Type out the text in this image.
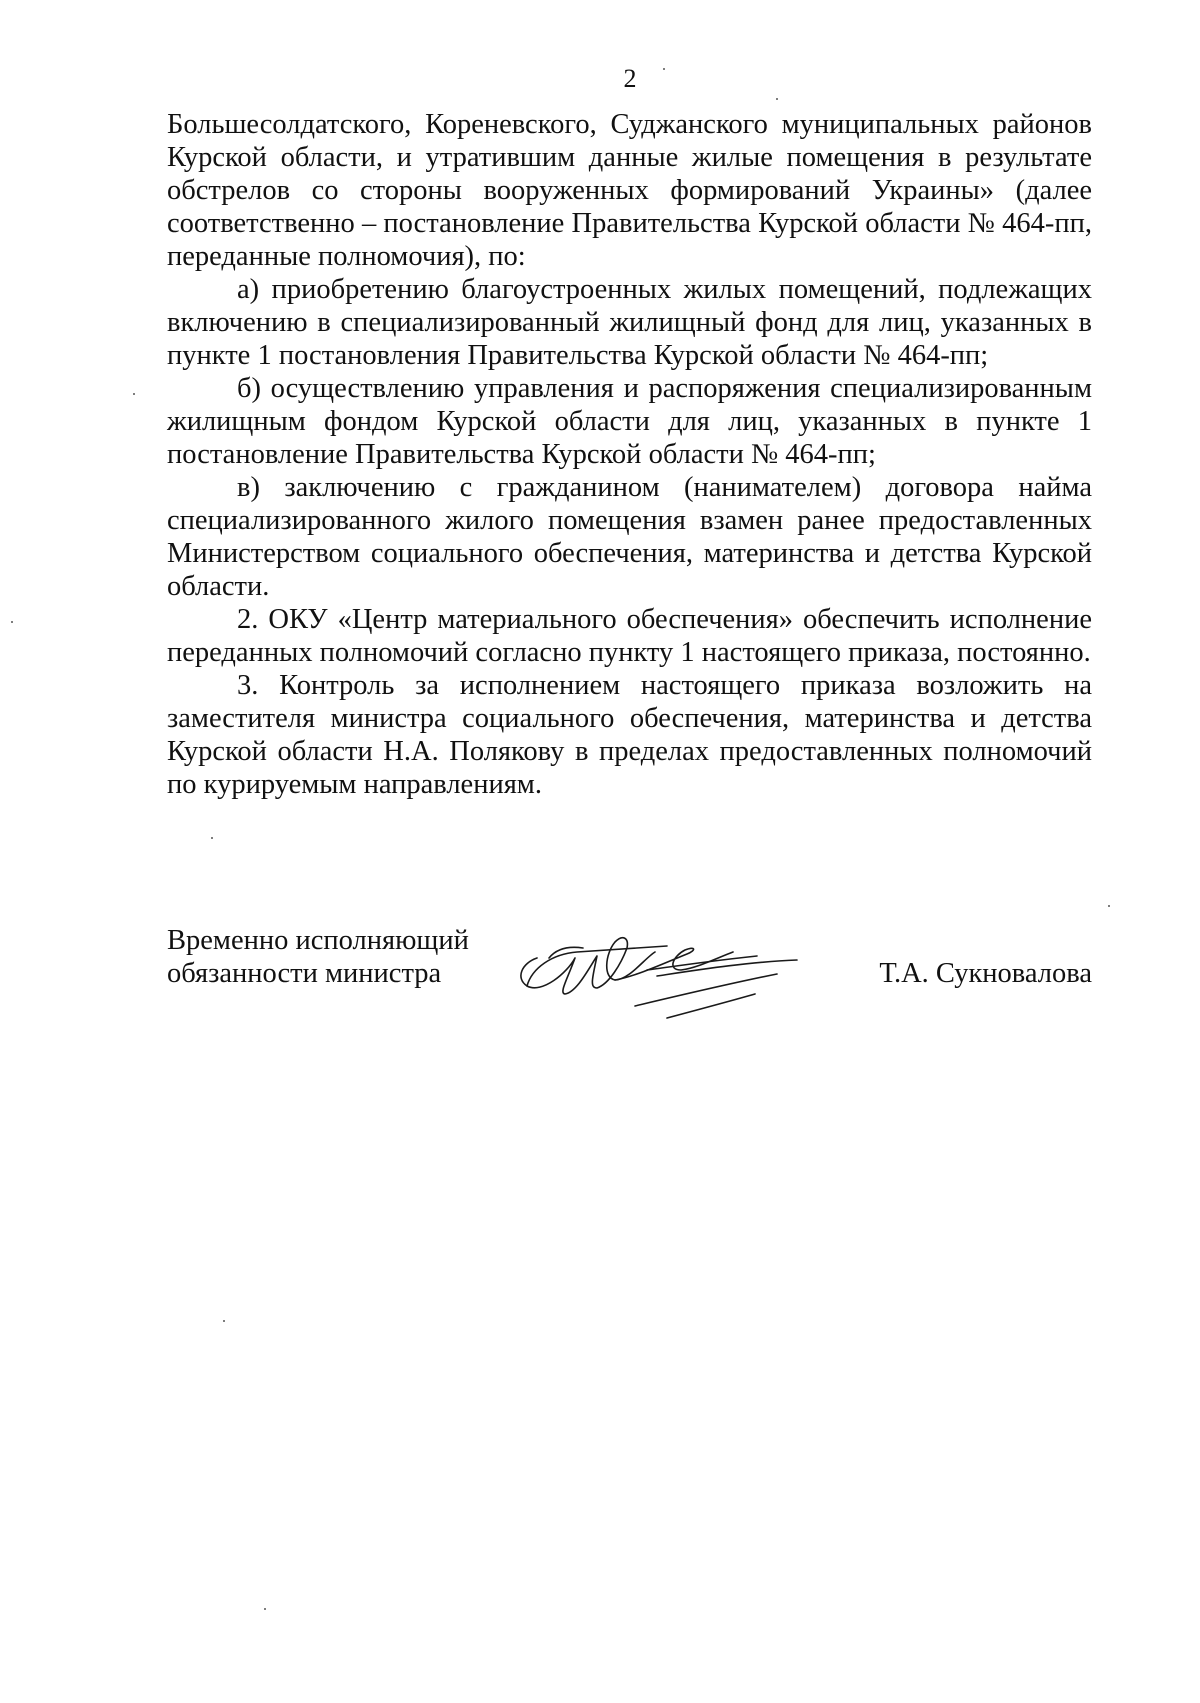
2

Большесолдатского, Кореневского, Суджанского муниципальных районов Курской области, и утратившим данные жилые помещения в результате обстрелов со стороны вооруженных формирований Украины» (далее соответственно – постановление Правительства Курской области № 464-пп, переданные полномочия), по:

а) приобретению благоустроенных жилых помещений, подлежащих включению в специализированный жилищный фонд для лиц, указанных в пункте 1 постановления Правительства Курской области № 464-пп;

б) осуществлению управления и распоряжения специализированным жилищным фондом Курской области для лиц, указанных в пункте 1 постановление Правительства Курской области № 464-пп;

в) заключению с гражданином (нанимателем) договора найма специализированного жилого помещения взамен ранее предоставленных Министерством социального обеспечения, материнства и детства Курской области.

2. ОКУ «Центр материального обеспечения» обеспечить исполнение переданных полномочий согласно пункту 1 настоящего приказа, постоянно.

3. Контроль за исполнением настоящего приказа возложить на заместителя министра социального обеспечения, материнства и детства Курской области Н.А. Полякову в пределах предоставленных полномочий по курируемым направлениям.

Временно исполняющий
обязанности министра	Т.А. Сукновалова
